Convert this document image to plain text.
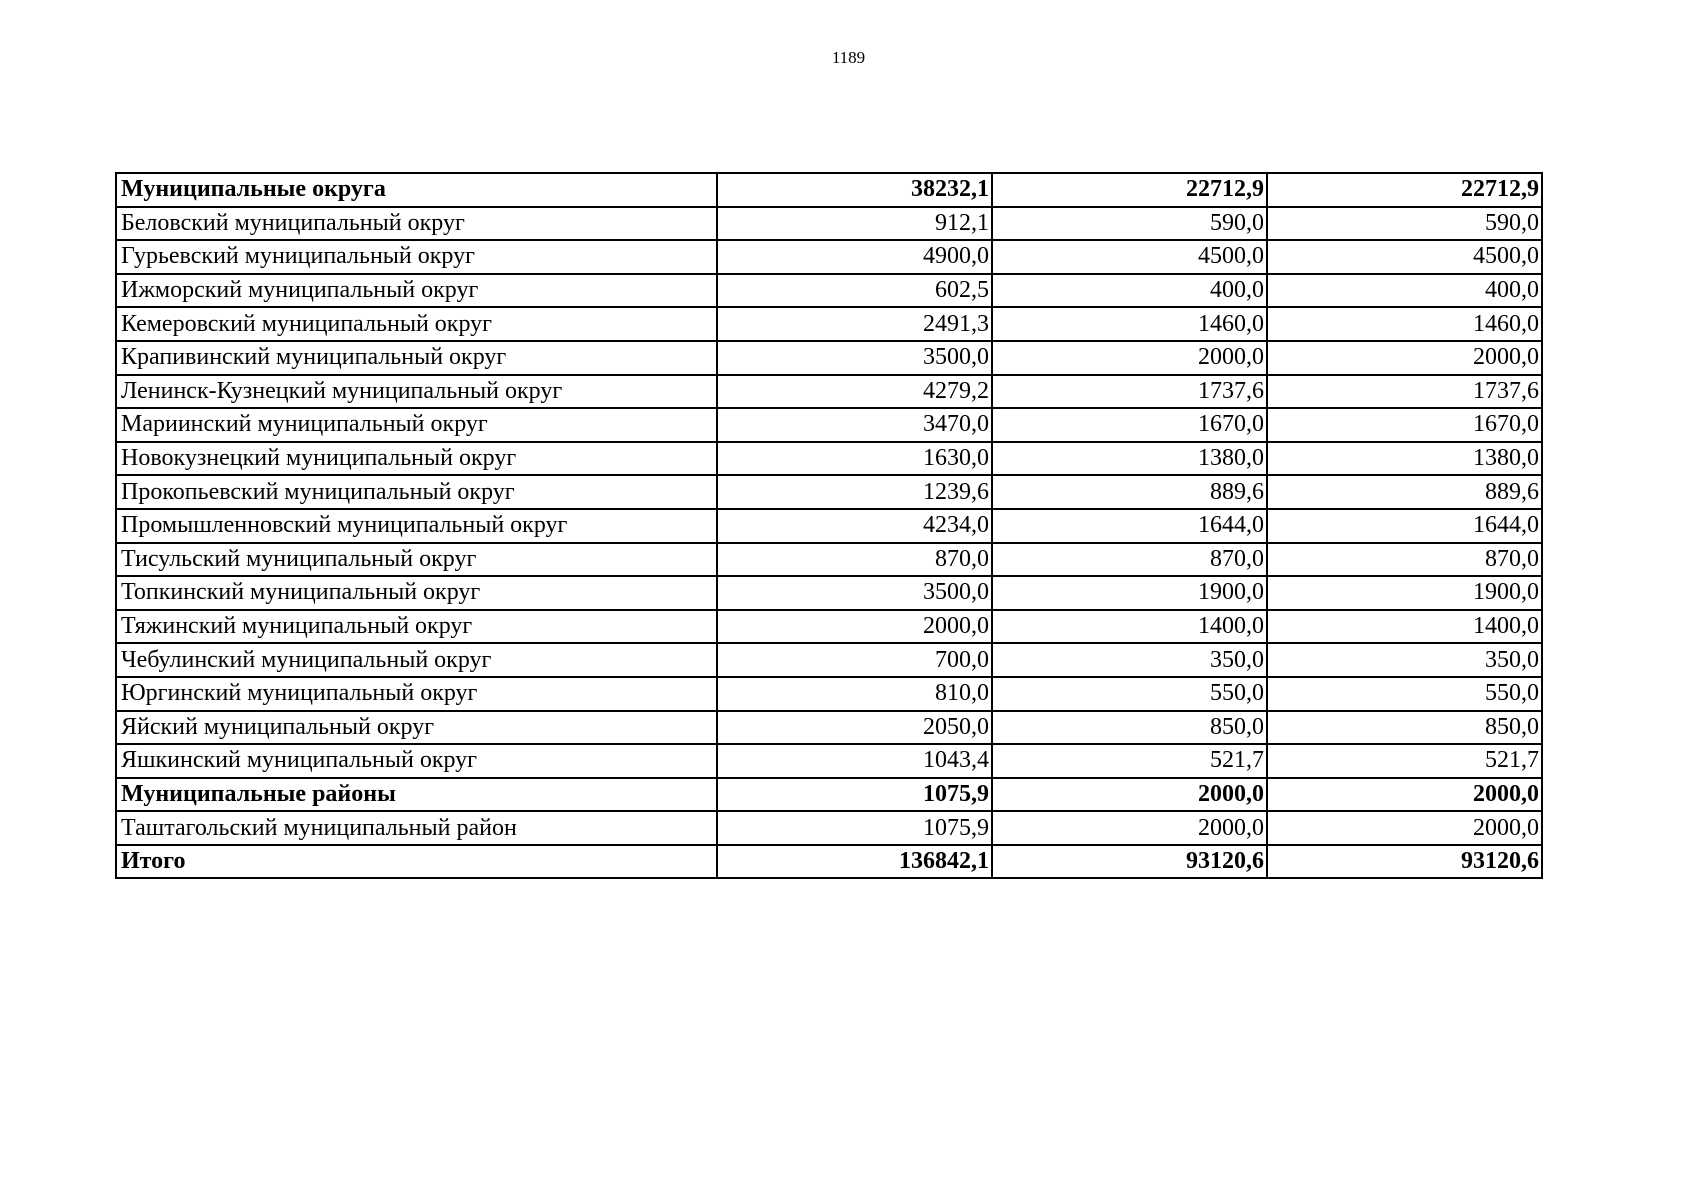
1189
Муниципальные округа	38232,1	22712,9	22712,9
Беловский муниципальный округ	912,1	590,0	590,0
Гурьевский муниципальный округ	4900,0	4500,0	4500,0
Ижморский муниципальный округ	602,5	400,0	400,0
Кемеровский муниципальный округ	2491,3	1460,0	1460,0
Крапивинский муниципальный округ	3500,0	2000,0	2000,0
Ленинск-Кузнецкий муниципальный округ	4279,2	1737,6	1737,6
Мариинский муниципальный округ	3470,0	1670,0	1670,0
Новокузнецкий муниципальный округ	1630,0	1380,0	1380,0
Прокопьевский муниципальный округ	1239,6	889,6	889,6
Промышленновский муниципальный округ	4234,0	1644,0	1644,0
Тисульский муниципальный округ	870,0	870,0	870,0
Топкинский муниципальный округ	3500,0	1900,0	1900,0
Тяжинский муниципальный округ	2000,0	1400,0	1400,0
Чебулинский муниципальный округ	700,0	350,0	350,0
Юргинский муниципальный округ	810,0	550,0	550,0
Яйский муниципальный округ	2050,0	850,0	850,0
Яшкинский муниципальный округ	1043,4	521,7	521,7
Муниципальные районы	1075,9	2000,0	2000,0
Таштагольский муниципальный район	1075,9	2000,0	2000,0
Итого	136842,1	93120,6	93120,6
